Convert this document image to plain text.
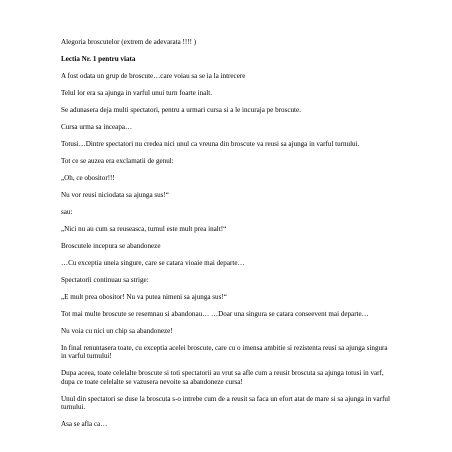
Alegoria broscutelor (extrem de adevarata !!!! )

Lectia Nr. 1 pentru viata

A fost odata un grup de broscute…care voiau sa se ia la intrecere

Telul lor era sa ajunga in varful unui turn foarte inalt.

Se adunasera deja multi spectatori, pentru a urmari cursa si a le incuraja pe broscute.

Cursa urma sa inceapa…

Totusi…Dintre spectatori nu credea nici unul ca vreuna din broscute va reusi sa ajunga in varful turnului.

Tot ce se auzea era exclamatii de genul:

„Oh, ce obositor!!!

Nu vor reusi niciodata sa ajunga sus!“

sau:

„Nici nu au cum sa reuseasca, turnul este mult prea inalt!“

Broscutele incepura se abandoneze

…Cu exceptia uneia singure, care se catara vioaie mai departe…

Spectatorii continuau sa strige:

„E mult prea obositor! Nu va putea nimeni sa ajunga sus!“

Tot mai multe broscute se resemnau si abandonau… …Doar una singura se catara conseevent mai departe…

Nu voia cu nici un chip sa abandoneze!

In final renuntasera toate, cu exceptia acelei broscute, care cu o imensa ambitie si rezistenta reusi sa ajunga singura in varful turnului!

Dupa aceea, toate celelalte broscute si toti spectatorii au vrut sa afle cum a reusit broscuta sa ajunga totusi in varf, dupa ce toate celelalte se vazusera nevoite sa abandoneze cursa!

Unul din spectatori se duse la broscuta s-o intrebe cum de a reusit sa faca un efort atat de mare si sa ajunga in varful turnului.

Asa se afla ca…
